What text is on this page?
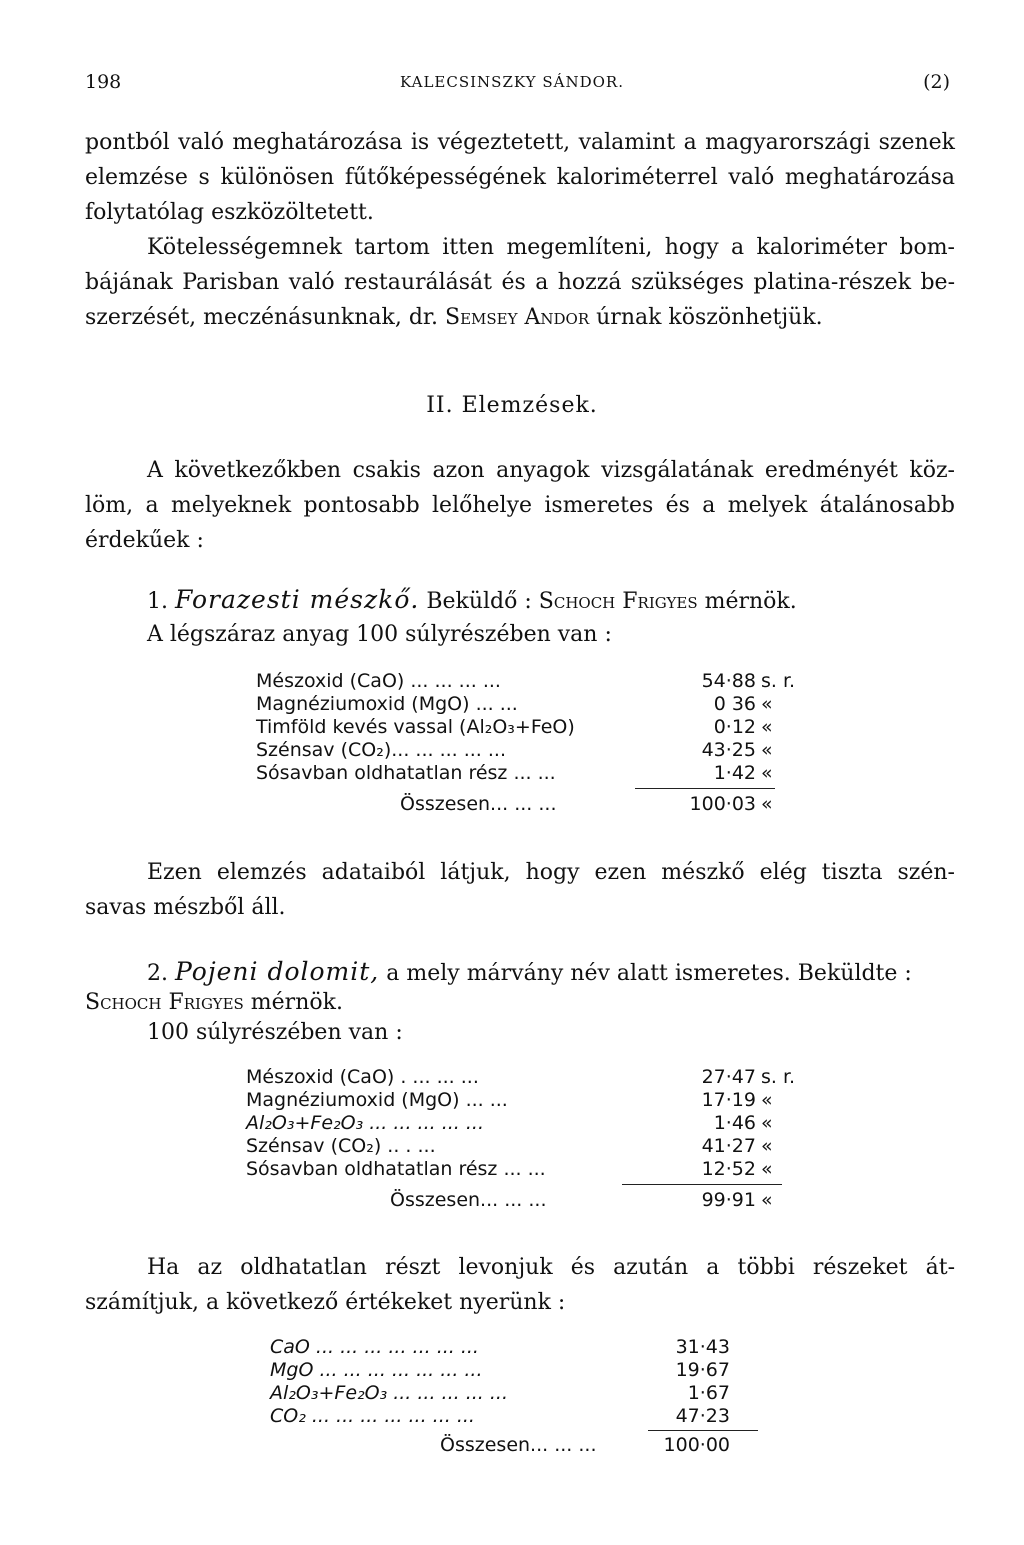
198	KALECSINSZKY SÁNDOR.	(2)
pontból való meghatározása is végeztetett, valamint a magyarországi szenek
elemzése s különösen fűtőképességének kaloriméterrel való meghatározása
folytatólag eszközöltetett.
Kötelességemnek tartom itten megemlíteni, hogy a kaloriméter bom-
bájának Parisban való restaurálását és a hozzá szükséges platina-részek be-
szerzését, meczénásunknak, dr. Semsey Andor úrnak köszönhetjük.
II. Elemzések.
A következőkben csakis azon anyagok vizsgálatának eredményét köz-
löm, a melyeknek pontosabb lelőhelye ismeretes és a melyek átalánosabb
érdekűek :
1. Forazesti mészkő. Beküldő : Schoch Frigyes mérnök.
A légszáraz anyag 100 súlyrészében van :
Mészoxid (CaO) ... ... ... ...	54·88 s. r.
Magnéziumoxid (MgO) ... ...	0 36 «
Timföld kevés vassal (Al₂O₃+FeO)	0·12 «
Szénsav (CO₂)... ... ... ... ...	43·25 «
Sósavban oldhatatlan rész ... ...	1·42 «
Összesen... ... ...	100·03 «
Ezen elemzés adataiból látjuk, hogy ezen mészkő elég tiszta szén-
savas mészből áll.
2. Pojeni dolomit, a mely márvány név alatt ismeretes. Beküldte :
Schoch Frigyes mérnök.
100 súlyrészében van :
Mészoxid (CaO) . ... ... ...	27·47 s. r.
Magnéziumoxid (MgO) ... ...	17·19 «
Al₂O₃+Fe₂O₃ ... ... ... ... ...	1·46 «
Szénsav (CO₂) .. . ...	41·27 «
Sósavban oldhatatlan rész ... ...	12·52 «
Összesen... ... ...	99·91 «
Ha az oldhatatlan részt levonjuk és azután a többi részeket át-
számítjuk, a következő értékeket nyerünk :
CaO ... ... ... ... ... ... ...	31·43
MgO ... ... ... ... ... ... ...	19·67
Al₂O₃+Fe₂O₃ ... ... ... ... ...	1·67
CO₂ ... ... ... ... ... ... ...	47·23
Összesen... ... ...	100·00
